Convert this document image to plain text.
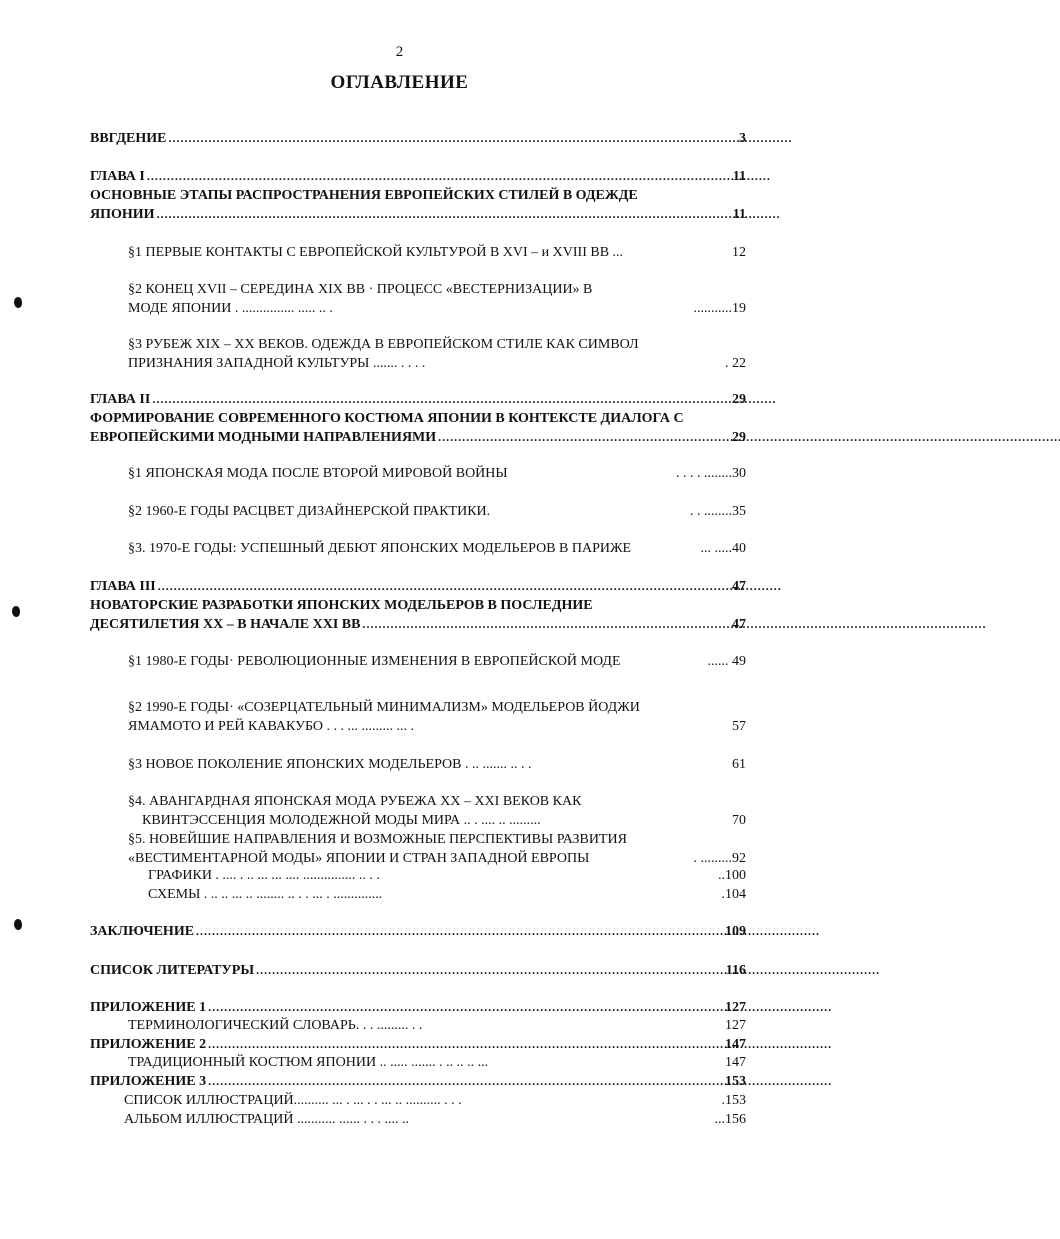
2
ОГЛАВЛЕНИЕ
ВВГДЕНИЕ . . .	3
ГЛАВА I . . .	11
ОСНОВНЫЕ ЭТАПЫ РАСПРОСТРАНЕНИЯ ЕВРОПЕЙСКИХ СТИЛЕЙ В ОДЕЖДЕ
ЯПОНИИ . . .	11
§1 ПЕРВЫЕ КОНТАКТЫ С ЕВРОПЕЙСКОЙ КУЛЬТУРОЙ В XVI – и XVIII ВВ ...	12
§2 КОНЕЦ XVII – СЕРЕДИНА XIX ВВ · ПРОЦЕСС «ВЕСТЕРНИЗАЦИИ» В
МОДЕ ЯПОНИИ . ............... ..... .. .	...........19
§3 РУБЕЖ XIX – XX ВЕКОВ. ОДЕЖДА В ЕВРОПЕЙСКОМ СТИЛЕ КАК СИМВОЛ
ПРИЗНАНИЯ ЗАПАДНОЙ КУЛЬТУРЫ ....... . . . .	. 22
ГЛАВА II . . .	29
ФОРМИРОВАНИЕ СОВРЕМЕННОГО КОСТЮМА ЯПОНИИ В КОНТЕКСТЕ ДИАЛОГА С
ЕВРОПЕЙСКИМИ МОДНЫМИ НАПРАВЛЕНИЯМИ . . .	29
§1 ЯПОНСКАЯ МОДА ПОСЛЕ ВТОРОЙ МИРОВОЙ ВОЙНЫ	. . . . ........30
§2 1960-Е ГОДЫ РАСЦВЕТ ДИЗАЙНЕРСКОЙ ПРАКТИКИ.	. . ........35
§3. 1970-Е ГОДЫ: УСПЕШНЫЙ ДЕБЮТ ЯПОНСКИХ МОДЕЛЬЕРОВ В ПАРИЖЕ	... .....40
ГЛАВА III . . .	47
НОВАТОРСКИЕ РАЗРАБОТКИ ЯПОНСКИХ МОДЕЛЬЕРОВ В ПОСЛЕДНИЕ
ДЕСЯТИЛЕТИЯ XX – В НАЧАЛЕ XXI ВВ . . .	47
§1 1980-Е ГОДЫ· РЕВОЛЮЦИОННЫЕ ИЗМЕНЕНИЯ В ЕВРОПЕЙСКОЙ МОДЕ	...... 49
§2 1990-Е ГОДЫ· «СОЗЕРЦАТЕЛЬНЫЙ МИНИМАЛИЗМ» МОДЕЛЬЕРОВ ЙОДЖИ
ЯМАМОТО И РЕЙ КАВАКУБО . . . ... ......... ... .	57
§3 НОВОЕ ПОКОЛЕНИЕ ЯПОНСКИХ МОДЕЛЬЕРОВ . .. ....... .. . .	61
§4. АВАНГАРДНАЯ ЯПОНСКАЯ МОДА РУБЕЖА XX – XXI ВЕКОВ КАК
КВИНТЭССЕНЦИЯ МОЛОДЕЖНОЙ МОДЫ МИРА .. . .... .. .........	70
§5. НОВЕЙШИЕ НАПРАВЛЕНИЯ И ВОЗМОЖНЫЕ ПЕРСПЕКТИВЫ РАЗВИТИЯ
«ВЕСТИМЕНТАРНОЙ МОДЫ» ЯПОНИИ И СТРАН ЗАПАДНОЙ ЕВРОПЫ	. .........92
ГРАФИКИ . .... . .. ... ... .... ............... .. . .	..100
СХЕМЫ . .. .. ... .. ........ .. . . ... . ..............	.104
ЗАКЛЮЧЕНИЕ . . .	109
СПИСОК ЛИТЕРАТУРЫ . . .	116
ПРИЛОЖЕНИЕ 1 . . .	127
ТЕРМИНОЛОГИЧЕСКИЙ СЛОВАРЬ. . . ......... . .	127
ПРИЛОЖЕНИЕ 2 . . .	147
ТРАДИЦИОННЫЙ КОСТЮМ ЯПОНИИ .. ..... ....... . .. .. .. ...	147
ПРИЛОЖЕНИЕ 3 . . .	153
СПИСОК ИЛЛЮСТРАЦИЙ.......... ... . ... . . ... .. .......... . . .	.153
АЛЬБОМ ИЛЛЮСТРАЦИЙ ........... ...... . . . .... ..	...156
